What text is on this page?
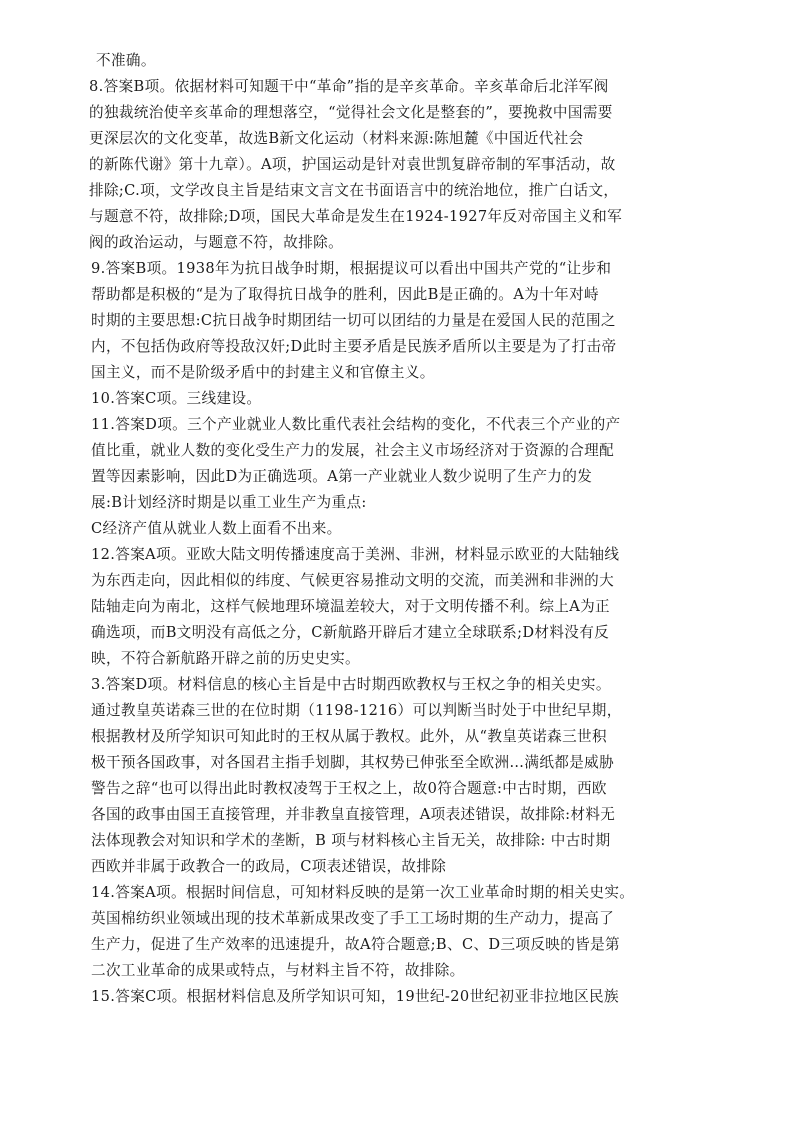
不准确。
8.答案B项。依据材料可知题干中“革命”指的是辛亥革命。辛亥革命后北洋军阀
的独裁统治使辛亥革命的理想落空，“觉得社会文化是整套的”，要挽救中国需要
更深层次的文化变革，故选B新文化运动（材料来源:陈旭麓《中国近代社会
的新陈代谢》第十九章）。A项，护国运动是针对袁世凯复辟帝制的军事活动，故
排除;C.项，文学改良主旨是结束文言文在书面语言中的统治地位，推广白话文，
与题意不符，故排除;D项，国民大革命是发生在1924-1927年反对帝国主义和军
阀的政治运动，与题意不符，故排除。
9.答案B项。1938年为抗日战争时期，根据提议可以看出中国共产党的“让步和
帮助都是积极的“是为了取得抗日战争的胜利，因此B是正确的。A为十年对峙
时期的主要思想:C抗日战争时期团结一切可以团结的力量是在爱国人民的范围之
内，不包括伪政府等投敌汉奸;D此时主要矛盾是民族矛盾所以主要是为了打击帝
国主义，而不是阶级矛盾中的封建主义和官僚主义。
10.答案C项。三线建设。
11.答案D项。三个产业就业人数比重代表社会结构的变化，不代表三个产业的产
值比重，就业人数的变化受生产力的发展，社会主义市场经济对于资源的合理配
置等因素影响，因此D为正确选项。A第一产业就业人数少说明了生产力的发
展:B计划经济时期是以重工业生产为重点:
C经济产值从就业人数上面看不出来。
12.答案A项。亚欧大陆文明传播速度高于美洲、非洲，材料显示欧亚的大陆轴线
为东西走向，因此相似的纬度、气候更容易推动文明的交流，而美洲和非洲的大
陆轴走向为南北，这样气候地理环境温差较大，对于文明传播不利。综上A为正
确选项，而B文明没有高低之分，C新航路开辟后才建立全球联系;D材料没有反
映，不符合新航路开辟之前的历史史实。
3.答案D项。材料信息的核心主旨是中古时期西欧教权与王权之争的相关史实。
通过教皇英诺森三世的在位时期（1198-1216）可以判断当时处于中世纪早期，
根据教材及所学知识可知此时的王权从属于教权。此外，从“教皇英诺森三世积
极干预各国政事，对各国君主指手划脚，其权势已伸张至全欧洲…满纸都是威胁
警告之辞“也可以得出此时教权凌驾于王权之上，故0符合题意:中古时期，西欧
各国的政事由国王直接管理，并非教皇直接管理，A项表述错误，故排除:材料无
法体现教会对知识和学术的垄断，B 项与材料核心主旨无关，故排除: 中古时期
西欧并非属于政教合一的政局，C项表述错误，故排除
14.答案A项。根据时间信息，可知材料反映的是第一次工业革命时期的相关史实。
英国棉纺织业领域出现的技术革新成果改变了手工工场时期的生产动力，提高了
生产力，促进了生产效率的迅速提升，故A符合题意;B、C、D三项反映的皆是第
二次工业革命的成果或特点，与材料主旨不符，故排除。
15.答案C项。根据材料信息及所学知识可知，19世纪-20世纪初亚非拉地区民族
